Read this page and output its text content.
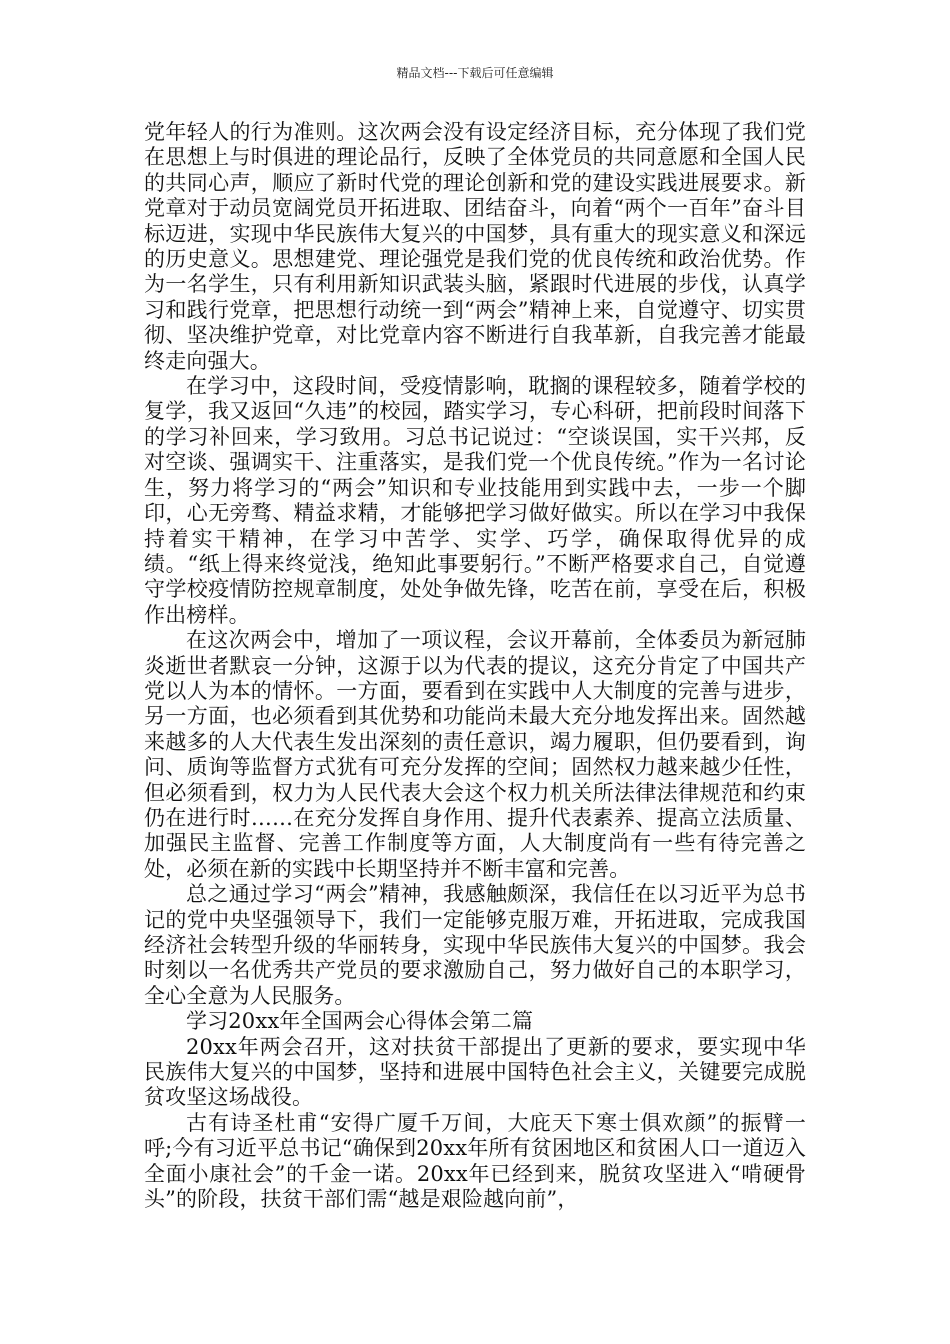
精品文档---下载后可任意编辑

党年轻人的行为准则。这次两会没有设定经济目标，充分体现了我们党在思想上与时俱进的理论品行，反映了全体党员的共同意愿和全国人民的共同心声，顺应了新时代党的理论创新和党的建设实践进展要求。新党章对于动员宽阔党员开拓进取、团结奋斗，向着“两个一百年”奋斗目标迈进，实现中华民族伟大复兴的中国梦，具有重大的现实意义和深远的历史意义。思想建党、理论强党是我们党的优良传统和政治优势。作为一名学生，只有利用新知识武装头脑，紧跟时代进展的步伐，认真学习和践行党章，把思想行动统一到“两会”精神上来，自觉遵守、切实贯彻、坚决维护党章，对比党章内容不断进行自我革新，自我完善才能最终走向强大。

在学习中，这段时间，受疫情影响，耽搁的课程较多，随着学校的复学，我又返回“久违”的校园，踏实学习，专心科研，把前段时间落下的学习补回来，学习致用。习总书记说过：“空谈误国，实干兴邦，反对空谈、强调实干、注重落实，是我们党一个优良传统。”作为一名讨论生，努力将学习的“两会”知识和专业技能用到实践中去，一步一个脚印，心无旁骛、精益求精，才能够把学习做好做实。所以在学习中我保持着实干精神，在学习中苦学、实学、巧学，确保取得优异的成绩。“纸上得来终觉浅，绝知此事要躬行。”不断严格要求自己，自觉遵守学校疫情防控规章制度，处处争做先锋，吃苦在前，享受在后，积极作出榜样。

在这次两会中，增加了一项议程，会议开幕前，全体委员为新冠肺炎逝世者默哀一分钟，这源于以为代表的提议，这充分肯定了中国共产党以人为本的情怀。一方面，要看到在实践中人大制度的完善与进步，另一方面，也必须看到其优势和功能尚未最大充分地发挥出来。固然越来越多的人大代表生发出深刻的责任意识，竭力履职，但仍要看到，询问、质询等监督方式犹有可充分发挥的空间；固然权力越来越少任性，但必须看到，权力为人民代表大会这个权力机关所法律法律规范和约束仍在进行时……在充分发挥自身作用、提升代表素养、提高立法质量、加强民主监督、完善工作制度等方面，人大制度尚有一些有待完善之处，必须在新的实践中长期坚持并不断丰富和完善。

总之通过学习“两会”精神，我感触颇深，我信任在以习近平为总书记的党中央坚强领导下，我们一定能够克服万难，开拓进取，完成我国经济社会转型升级的华丽转身，实现中华民族伟大复兴的中国梦。我会时刻以一名优秀共产党员的要求激励自己，努力做好自己的本职学习，全心全意为人民服务。

学习20xx年全国两会心得体会第二篇

20xx年两会召开，这对扶贫干部提出了更新的要求，要实现中华民族伟大复兴的中国梦，坚持和进展中国特色社会主义，关键要完成脱贫攻坚这场战役。

古有诗圣杜甫“安得广厦千万间，大庇天下寒士俱欢颜”的振臂一呼;今有习近平总书记“确保到20xx年所有贫困地区和贫困人口一道迈入全面小康社会”的千金一诺。20xx年已经到来，脱贫攻坚进入“啃硬骨头”的阶段，扶贫干部们需“越是艰险越向前”，
